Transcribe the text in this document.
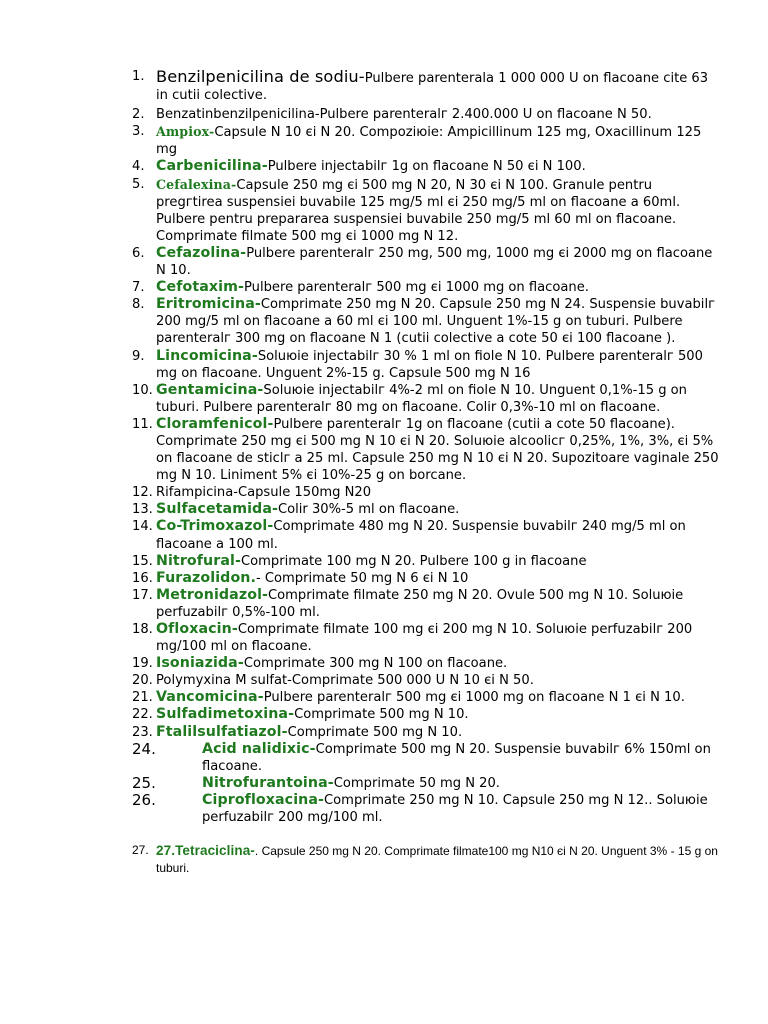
1. Benzilpenicilina de sodiu-Pulbere parenterala 1 000 000 U on flacoane cite 63 in cutii colective.

2. Benzatinbenzilpenicilina-Pulbere parenteralг 2.400.000 U on flacoane N 50.

3. Ampiox-Capsule N 10 єi N 20. Compoziюie: Ampicillinum 125 mg, Oxacillinum 125 mg

4. Carbenicilina-Pulbere injectabilг 1g on flacoane N 50 єi N 100.

5. Cefalexina-Capsule 250 mg єi 500 mg N 20, N 30 єi N 100. Granule pentru pregгtirea suspensiei buvabile 125 mg/5 ml єi 250 mg/5 ml on flacoane a 60ml. Pulbere pentru prepararea suspensiei buvabile 250 mg/5 ml 60 ml on flacoane. Comprimate filmate 500 mg єi 1000 mg N 12.

6. Cefazolina-Pulbere parenteralг 250 mg, 500 mg, 1000 mg єi 2000 mg on flacoane N 10.

7. Cefotaxim-Pulbere parenteralг 500 mg єi 1000 mg on flacoane.

8. Eritromicina-Comprimate 250 mg N 20. Capsule 250 mg N 24. Suspensie buvabilг 200 mg/5 ml on flacoane a 60 ml єi 100 ml. Unguent 1%-15 g on tuburi. Pulbere parenteralг 300 mg on flacoane N 1 (cutii colective a cote 50 єi 100 flacoane ).

9. Lincomicina-Soluюie injectabilг 30 % 1 ml on fiole N 10. Pulbere parenteralг 500 mg on flacoane. Unguent 2%-15 g. Capsule 500 mg N 16

10. Gentamicina-Soluюie injectabilг 4%-2 ml on fiole N 10. Unguent 0,1%-15 g on tuburi. Pulbere parenteralг 80 mg on flacoane. Colir 0,3%-10 ml on flacoane.

11. Cloramfenicol-Pulbere parenteralг 1g on flacoane (cutii a cote 50 flacoane). Comprimate 250 mg єi 500 mg N 10 єi N 20. Soluюie alcoolicг 0,25%, 1%, 3%, єi 5% on flacoane de sticlг a 25 ml. Capsule 250 mg N 10 єi N 20. Supozitoare vaginale 250 mg N 10. Liniment 5% єi 10%-25 g on borcane.

12. Rifampicina-Capsule 150mg N20

13. Sulfacetamida-Colir 30%-5 ml on flacoane.

14. Co-Trimoxazol-Comprimate 480 mg N 20. Suspensie buvabilг 240 mg/5 ml on flacoane a 100 ml.

15. Nitrofural-Comprimate 100 mg N 20. Pulbere 100 g in flacoane

16. Furazolidon.- Comprimate 50 mg N 6 єi N 10

17. Metronidazol-Comprimate filmate 250 mg N 20. Ovule 500 mg N 10. Soluюie perfuzabilг 0,5%-100 ml.

18. Ofloxacin-Comprimate filmate 100 mg єi 200 mg N 10. Soluюie perfuzabilг 200 mg/100 ml on flacoane.

19. Isoniazida-Comprimate 300 mg N 100 on flacoane.

20. Polymyxina M sulfat-Comprimate 500 000 U N 10 єi N 50.

21. Vancomicina-Pulbere parenteralг 500 mg єi 1000 mg on flacoane N 1 єi N 10.

22. Sulfadimetoxina-Comprimate 500 mg N 10.

23. Ftalilsulfatiazol-Comprimate 500 mg N 10.

24.	Acid nalidixic-Comprimate 500 mg N 20. Suspensie buvabilг 6% 150ml on flacoane.

25.	Nitrofurantoina-Comprimate 50 mg N 20.

26.	Ciprofloxacina-Comprimate 250 mg N 10. Capsule 250 mg N 12.. Soluюie perfuzabilг 200 mg/100 ml.

27. 27.Tetraciclina-. Capsule 250 mg N 20. Comprimate filmate100 mg N10 єi N 20. Unguent 3% - 15 g on tuburi.
